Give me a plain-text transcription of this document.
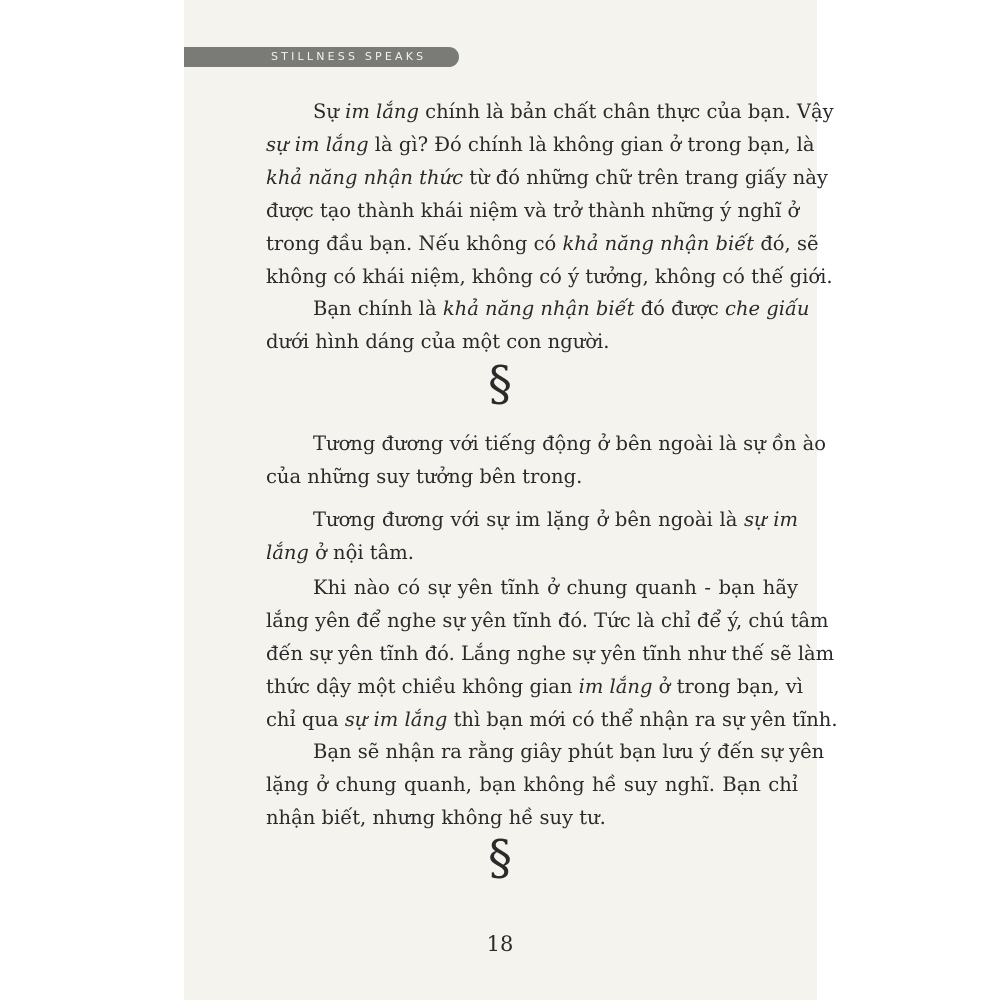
STILLNESS SPEAKS
Sự im lắng chính là bản chất chân thực của bạn. Vậy
sự im lắng là gì? Đó chính là không gian ở trong bạn, là
khả năng nhận thức từ đó những chữ trên trang giấy này
được tạo thành khái niệm và trở thành những ý nghĩ ở
trong đầu bạn. Nếu không có khả năng nhận biết đó, sẽ
không có khái niệm, không có ý tưởng, không có thế giới.
Bạn chính là khả năng nhận biết đó được che giấu
dưới hình dáng của một con người.
§
Tương đương với tiếng động ở bên ngoài là sự ồn ào
của những suy tưởng bên trong.
Tương đương với sự im lặng ở bên ngoài là sự im
lắng ở nội tâm.
Khi nào có sự yên tĩnh ở chung quanh - bạn hãy
lắng yên để nghe sự yên tĩnh đó. Tức là chỉ để ý, chú tâm
đến sự yên tĩnh đó. Lắng nghe sự yên tĩnh như thế sẽ làm
thức dậy một chiều không gian im lắng ở trong bạn, vì
chỉ qua sự im lắng thì bạn mới có thể nhận ra sự yên tĩnh.
Bạn sẽ nhận ra rằng giây phút bạn lưu ý đến sự yên
lặng ở chung quanh, bạn không hề suy nghĩ. Bạn chỉ
nhận biết, nhưng không hề suy tư.
§
18
